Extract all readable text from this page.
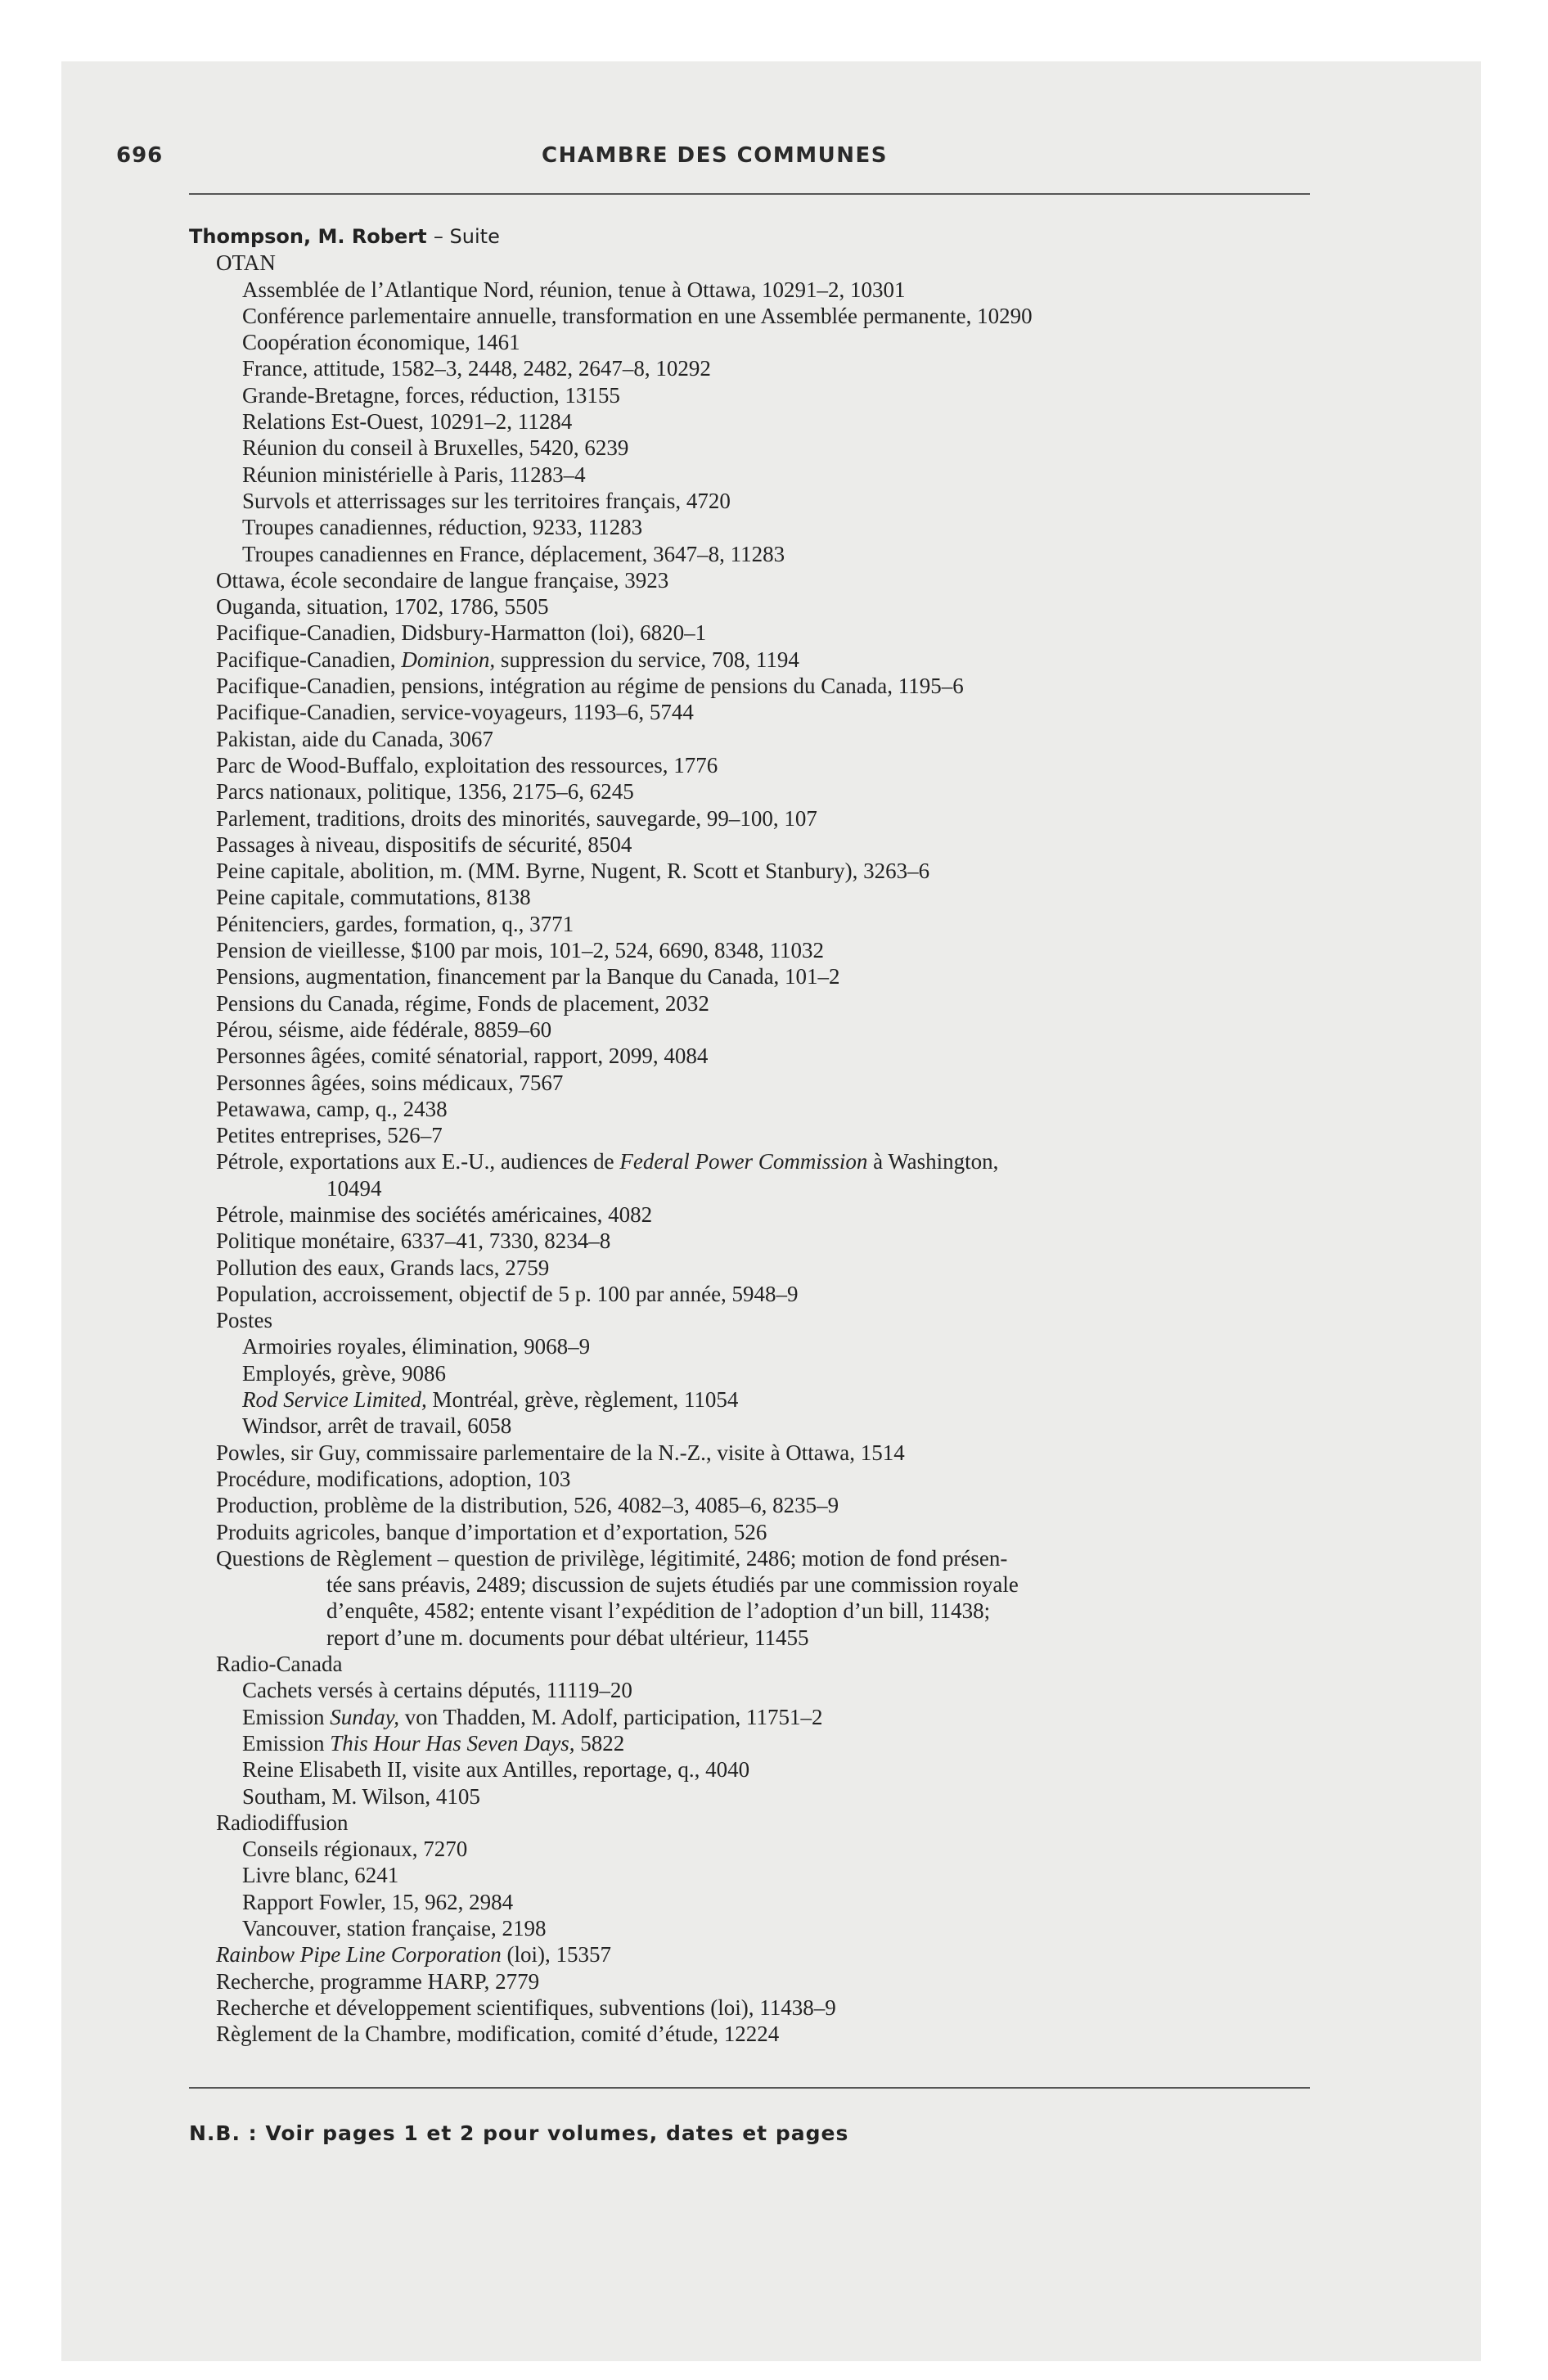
696	CHAMBRE DES COMMUNES
Thompson, M. Robert – Suite
OTAN
Assemblée de l’Atlantique Nord, réunion, tenue à Ottawa, 10291–2, 10301
Conférence parlementaire annuelle, transformation en une Assemblée permanente, 10290
Coopération économique, 1461
France, attitude, 1582–3, 2448, 2482, 2647–8, 10292
Grande-Bretagne, forces, réduction, 13155
Relations Est-Ouest, 10291–2, 11284
Réunion du conseil à Bruxelles, 5420, 6239
Réunion ministérielle à Paris, 11283–4
Survols et atterrissages sur les territoires français, 4720
Troupes canadiennes, réduction, 9233, 11283
Troupes canadiennes en France, déplacement, 3647–8, 11283
Ottawa, école secondaire de langue française, 3923
Ouganda, situation, 1702, 1786, 5505
Pacifique-Canadien, Didsbury-Harmatton (loi), 6820–1
Pacifique-Canadien, Dominion, suppression du service, 708, 1194
Pacifique-Canadien, pensions, intégration au régime de pensions du Canada, 1195–6
Pacifique-Canadien, service-voyageurs, 1193–6, 5744
Pakistan, aide du Canada, 3067
Parc de Wood-Buffalo, exploitation des ressources, 1776
Parcs nationaux, politique, 1356, 2175–6, 6245
Parlement, traditions, droits des minorités, sauvegarde, 99–100, 107
Passages à niveau, dispositifs de sécurité, 8504
Peine capitale, abolition, m. (MM. Byrne, Nugent, R. Scott et Stanbury), 3263–6
Peine capitale, commutations, 8138
Pénitenciers, gardes, formation, q., 3771
Pension de vieillesse, $100 par mois, 101–2, 524, 6690, 8348, 11032
Pensions, augmentation, financement par la Banque du Canada, 101–2
Pensions du Canada, régime, Fonds de placement, 2032
Pérou, séisme, aide fédérale, 8859–60
Personnes âgées, comité sénatorial, rapport, 2099, 4084
Personnes âgées, soins médicaux, 7567
Petawawa, camp, q., 2438
Petites entreprises, 526–7
Pétrole, exportations aux E.-U., audiences de Federal Power Commission à Washington,
10494
Pétrole, mainmise des sociétés américaines, 4082
Politique monétaire, 6337–41, 7330, 8234–8
Pollution des eaux, Grands lacs, 2759
Population, accroissement, objectif de 5 p. 100 par année, 5948–9
Postes
Armoiries royales, élimination, 9068–9
Employés, grève, 9086
Rod Service Limited, Montréal, grève, règlement, 11054
Windsor, arrêt de travail, 6058
Powles, sir Guy, commissaire parlementaire de la N.-Z., visite à Ottawa, 1514
Procédure, modifications, adoption, 103
Production, problème de la distribution, 526, 4082–3, 4085–6, 8235–9
Produits agricoles, banque d’importation et d’exportation, 526
Questions de Règlement – question de privilège, légitimité, 2486; motion de fond présen-
tée sans préavis, 2489; discussion de sujets étudiés par une commission royale
d’enquête, 4582; entente visant l’expédition de l’adoption d’un bill, 11438;
report d’une m. documents pour débat ultérieur, 11455
Radio-Canada
Cachets versés à certains députés, 11119–20
Emission Sunday, von Thadden, M. Adolf, participation, 11751–2
Emission This Hour Has Seven Days, 5822
Reine Elisabeth II, visite aux Antilles, reportage, q., 4040
Southam, M. Wilson, 4105
Radiodiffusion
Conseils régionaux, 7270
Livre blanc, 6241
Rapport Fowler, 15, 962, 2984
Vancouver, station française, 2198
Rainbow Pipe Line Corporation (loi), 15357
Recherche, programme HARP, 2779
Recherche et développement scientifiques, subventions (loi), 11438–9
Règlement de la Chambre, modification, comité d’étude, 12224
N.B. : Voir pages 1 et 2 pour volumes, dates et pages
